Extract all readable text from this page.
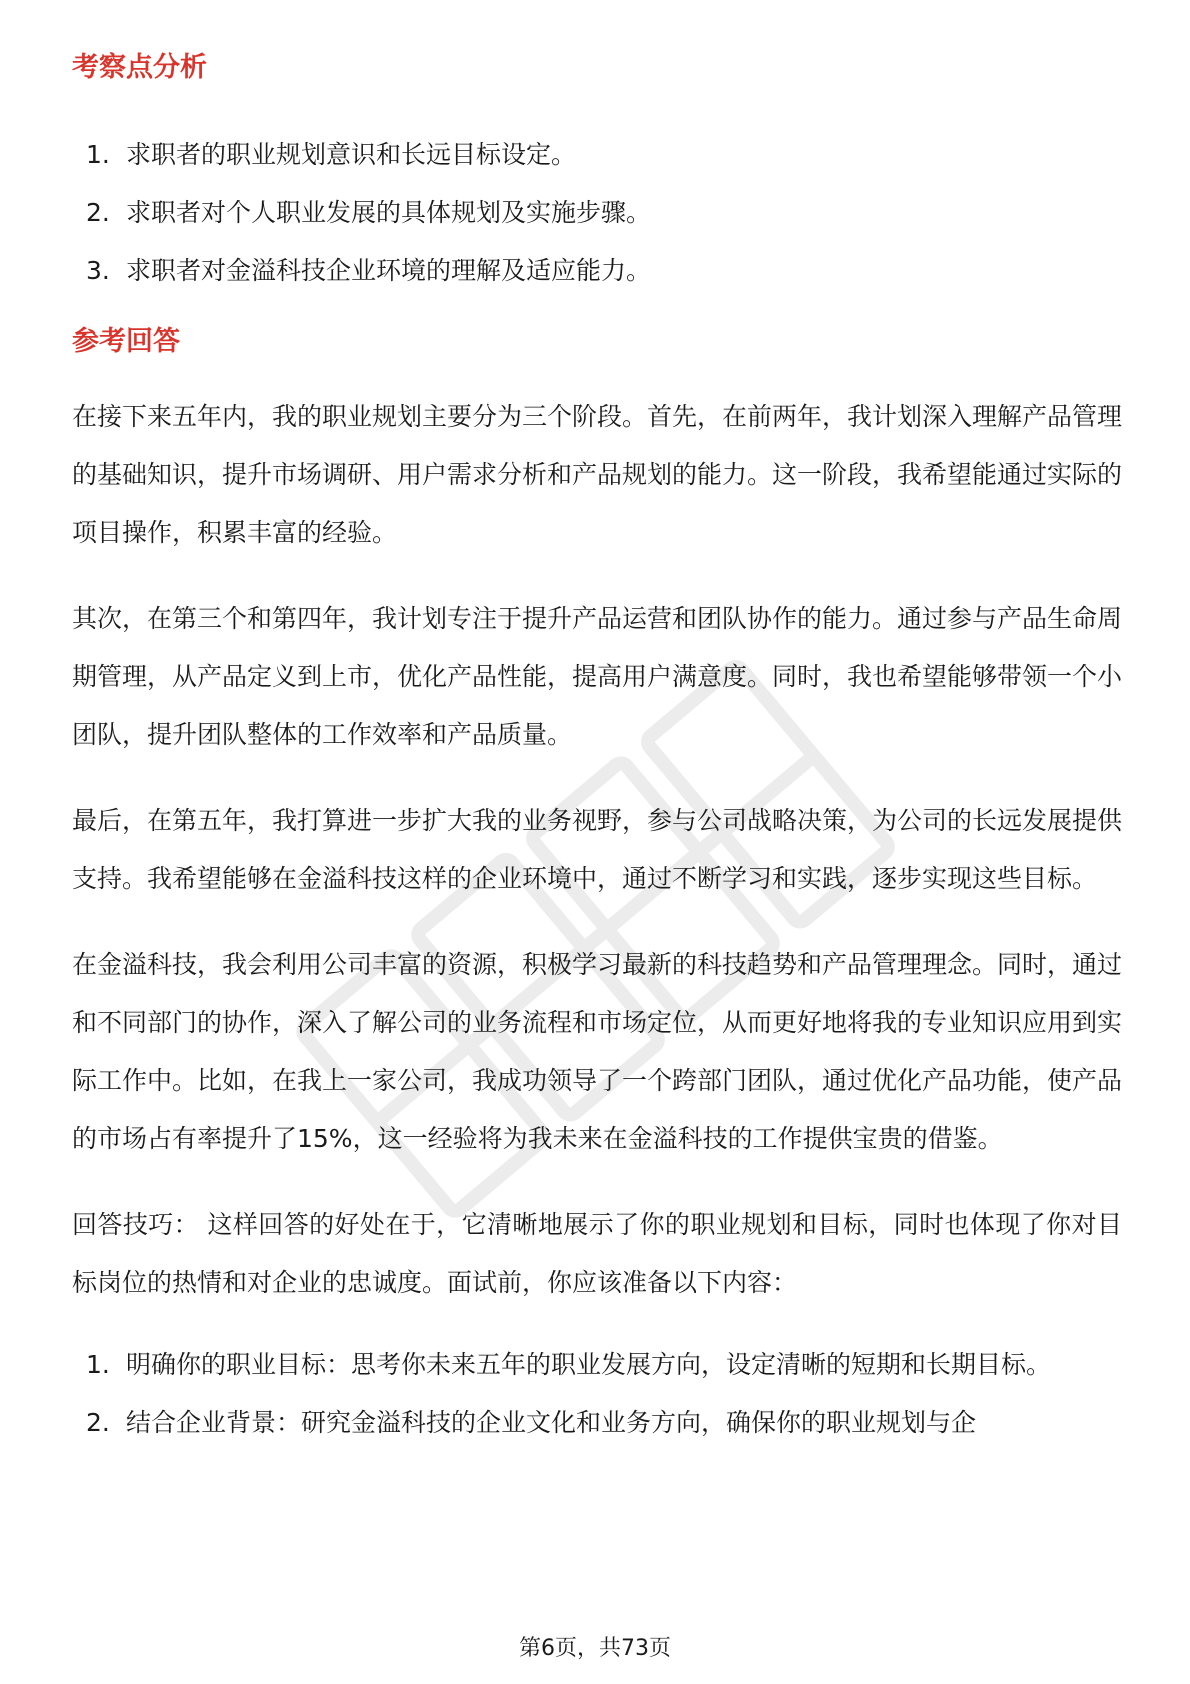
考察点分析
1. 求职者的职业规划意识和长远目标设定。
2. 求职者对个人职业发展的具体规划及实施步骤。
3. 求职者对金溢科技企业环境的理解及适应能力。
参考回答

在接下来五年内，我的职业规划主要分为三个阶段。首先，在前两年，我计划深入理解产品管理的基础知识，提升市场调研、用户需求分析和产品规划的能力。这一阶段，我希望能通过实际的项目操作，积累丰富的经验。

其次，在第三个和第四年，我计划专注于提升产品运营和团队协作的能力。通过参与产品生命周期管理，从产品定义到上市，优化产品性能，提高用户满意度。同时，我也希望能够带领一个小团队，提升团队整体的工作效率和产品质量。

最后，在第五年，我打算进一步扩大我的业务视野，参与公司战略决策，为公司的长远发展提供支持。我希望能够在金溢科技这样的企业环境中，通过不断学习和实践，逐步实现这些目标。

在金溢科技，我会利用公司丰富的资源，积极学习最新的科技趋势和产品管理理念。同时，通过和不同部门的协作，深入了解公司的业务流程和市场定位，从而更好地将我的专业知识应用到实际工作中。比如，在我上一家公司，我成功领导了一个跨部门团队，通过优化产品功能，使产品的市场占有率提升了15%，这一经验将为我未来在金溢科技的工作提供宝贵的借鉴。

回答技巧： 这样回答的好处在于，它清晰地展示了你的职业规划和目标，同时也体现了你对目标岗位的热情和对企业的忠诚度。面试前，你应该准备以下内容：

1. 明确你的职业目标：思考你未来五年的职业发展方向，设定清晰的短期和长期目标。
2. 结合企业背景：研究金溢科技的企业文化和业务方向，确保你的职业规划与企
第6页，共73页
